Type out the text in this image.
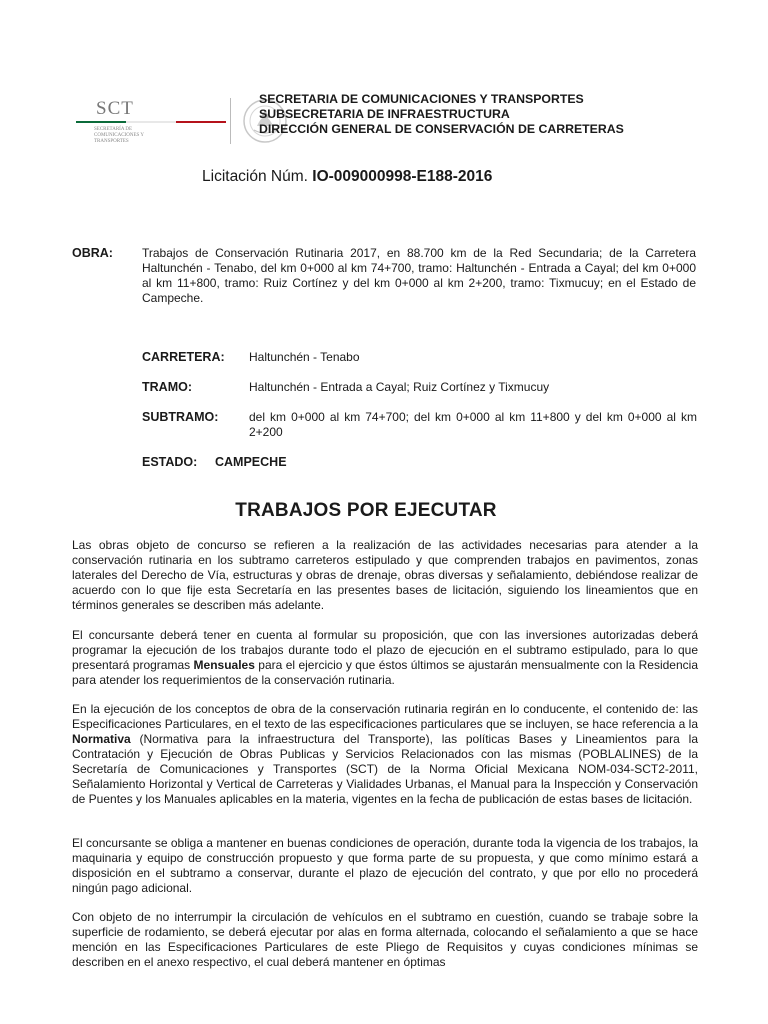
SCT
SECRETARÍA DE COMUNICACIONES Y TRANSPORTES
SECRETARIA DE COMUNICACIONES Y TRANSPORTES
SUBSECRETARIA DE INFRAESTRUCTURA
DIRECCIÓN GENERAL DE CONSERVACIÓN DE CARRETERAS
Licitación Núm. IO-009000998-E188-2016
OBRA: Trabajos de Conservación Rutinaria 2017, en 88.700 km de la Red Secundaria; de la Carretera Haltunchén - Tenabo, del km 0+000 al km 74+700, tramo: Haltunchén - Entrada a Cayal; del km 0+000 al km 11+800, tramo: Ruiz Cortínez y del km 0+000 al km 2+200, tramo: Tixmucuy; en el Estado de Campeche.
CARRETERA: Haltunchén - Tenabo
TRAMO:	Haltunchén - Entrada a Cayal; Ruiz Cortínez y Tixmucuy
SUBTRAMO:	del km 0+000 al km 74+700; del km 0+000 al km 11+800 y del km 0+000 al km 2+200
ESTADO: CAMPECHE
TRABAJOS POR EJECUTAR
Las obras objeto de concurso se refieren a la realización de las actividades necesarias para atender a la conservación rutinaria en los subtramo carreteros estipulado y que comprenden trabajos en pavimentos, zonas laterales del Derecho de Vía, estructuras y obras de drenaje, obras diversas y señalamiento, debiéndose realizar de acuerdo con lo que fije esta Secretaría en las presentes bases de licitación, siguiendo los lineamientos que en términos generales se describen más adelante.
El concursante deberá tener en cuenta al formular su proposición, que con las inversiones autorizadas deberá programar la ejecución de los trabajos durante todo el plazo de ejecución en el subtramo estipulado, para lo que presentará programas Mensuales para el ejercicio y que éstos últimos se ajustarán mensualmente con la Residencia para atender los requerimientos de la conservación rutinaria.
En la ejecución de los conceptos de obra de la conservación rutinaria regirán en lo conducente, el contenido de: las Especificaciones Particulares, en el texto de las especificaciones particulares que se incluyen, se hace referencia a la Normativa (Normativa para la infraestructura del Transporte), las políticas Bases y Lineamientos para la Contratación y Ejecución de Obras Publicas y Servicios Relacionados con las mismas (POBLALINES) de la Secretaría de Comunicaciones y Transportes (SCT) de la Norma Oficial Mexicana NOM-034-SCT2-2011, Señalamiento Horizontal y Vertical de Carreteras y Vialidades Urbanas, el Manual para la Inspección y Conservación de Puentes y los Manuales aplicables en la materia, vigentes en la fecha de publicación de estas bases de licitación.
El concursante se obliga a mantener en buenas condiciones de operación, durante toda la vigencia de los trabajos, la maquinaria y equipo de construcción propuesto y que forma parte de su propuesta, y que como mínimo estará a disposición en el subtramo a conservar, durante el plazo de ejecución del contrato, y que por ello no procederá ningún pago adicional.
Con objeto de no interrumpir la circulación de vehículos en el subtramo en cuestión, cuando se trabaje sobre la superficie de rodamiento, se deberá ejecutar por alas en forma alternada, colocando el señalamiento a que se hace mención en las Especificaciones Particulares de este Pliego de Requisitos y cuyas condiciones mínimas se describen en el anexo respectivo, el cual deberá mantener en óptimas
